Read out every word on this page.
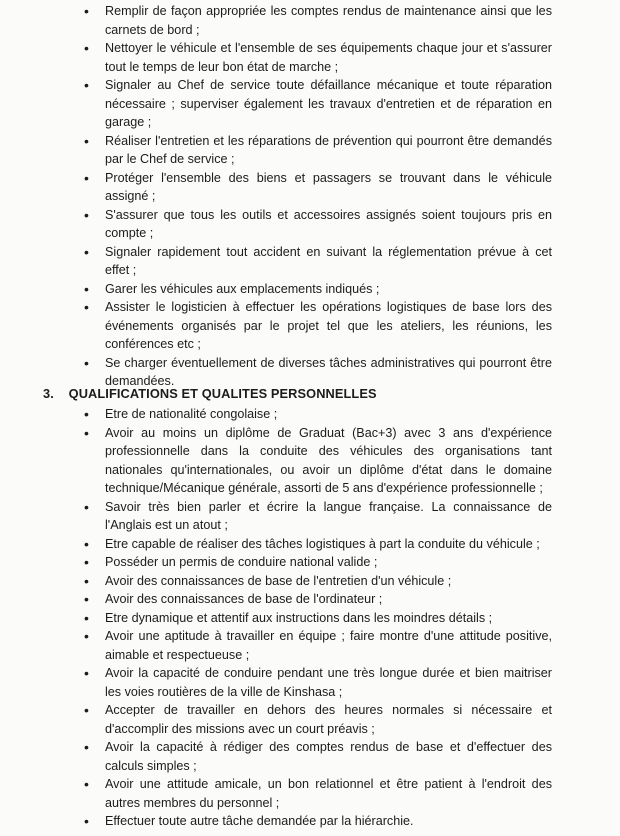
• Remplir de façon appropriée les comptes rendus de maintenance ainsi que les carnets de bord ;
• Nettoyer le véhicule et l'ensemble de ses équipements chaque jour et s'assurer tout le temps de leur bon état de marche ;
• Signaler au Chef de service toute défaillance mécanique et toute réparation nécessaire ; superviser également les travaux d'entretien et de réparation en garage ;
• Réaliser l'entretien et les réparations de prévention qui pourront être demandés par le Chef de service ;
• Protéger l'ensemble des biens et passagers se trouvant dans le véhicule assigné ;
• S'assurer que tous les outils et accessoires assignés soient toujours pris en compte ;
• Signaler rapidement tout accident en suivant la réglementation prévue à cet effet ;
• Garer les véhicules aux emplacements indiqués ;
• Assister le logisticien à effectuer les opérations logistiques de base lors des événements organisés par le projet tel que les ateliers, les réunions, les conférences etc ;
• Se charger éventuellement de diverses tâches administratives qui pourront être demandées.
3. QUALIFICATIONS ET QUALITES PERSONNELLES
• Etre de nationalité congolaise ;
• Avoir au moins un diplôme de Graduat (Bac+3) avec 3 ans d'expérience professionnelle dans la conduite des véhicules des organisations tant nationales qu'internationales, ou avoir un diplôme d'état dans le domaine technique/Mécanique générale, assorti de 5 ans d'expérience professionnelle ;
• Savoir très bien parler et écrire la langue française. La connaissance de l'Anglais est un atout ;
• Etre capable de réaliser des tâches logistiques à part la conduite du véhicule ;
• Posséder un permis de conduire national valide ;
• Avoir des connaissances de base de l'entretien d'un véhicule ;
• Avoir des connaissances de base de l'ordinateur ;
• Etre dynamique et attentif aux instructions dans les moindres détails ;
• Avoir une aptitude à travailler en équipe ; faire montre d'une attitude positive, aimable et respectueuse ;
• Avoir la capacité de conduire pendant une très longue durée et bien maitriser les voies routières de la ville de Kinshasa ;
• Accepter de travailler en dehors des heures normales si nécessaire et d'accomplir des missions avec un court préavis ;
• Avoir la capacité à rédiger des comptes rendus de base et d'effectuer des calculs simples ;
• Avoir une attitude amicale, un bon relationnel et être patient à l'endroit des autres membres du personnel ;
• Effectuer toute autre tâche demandée par la hiérarchie.
